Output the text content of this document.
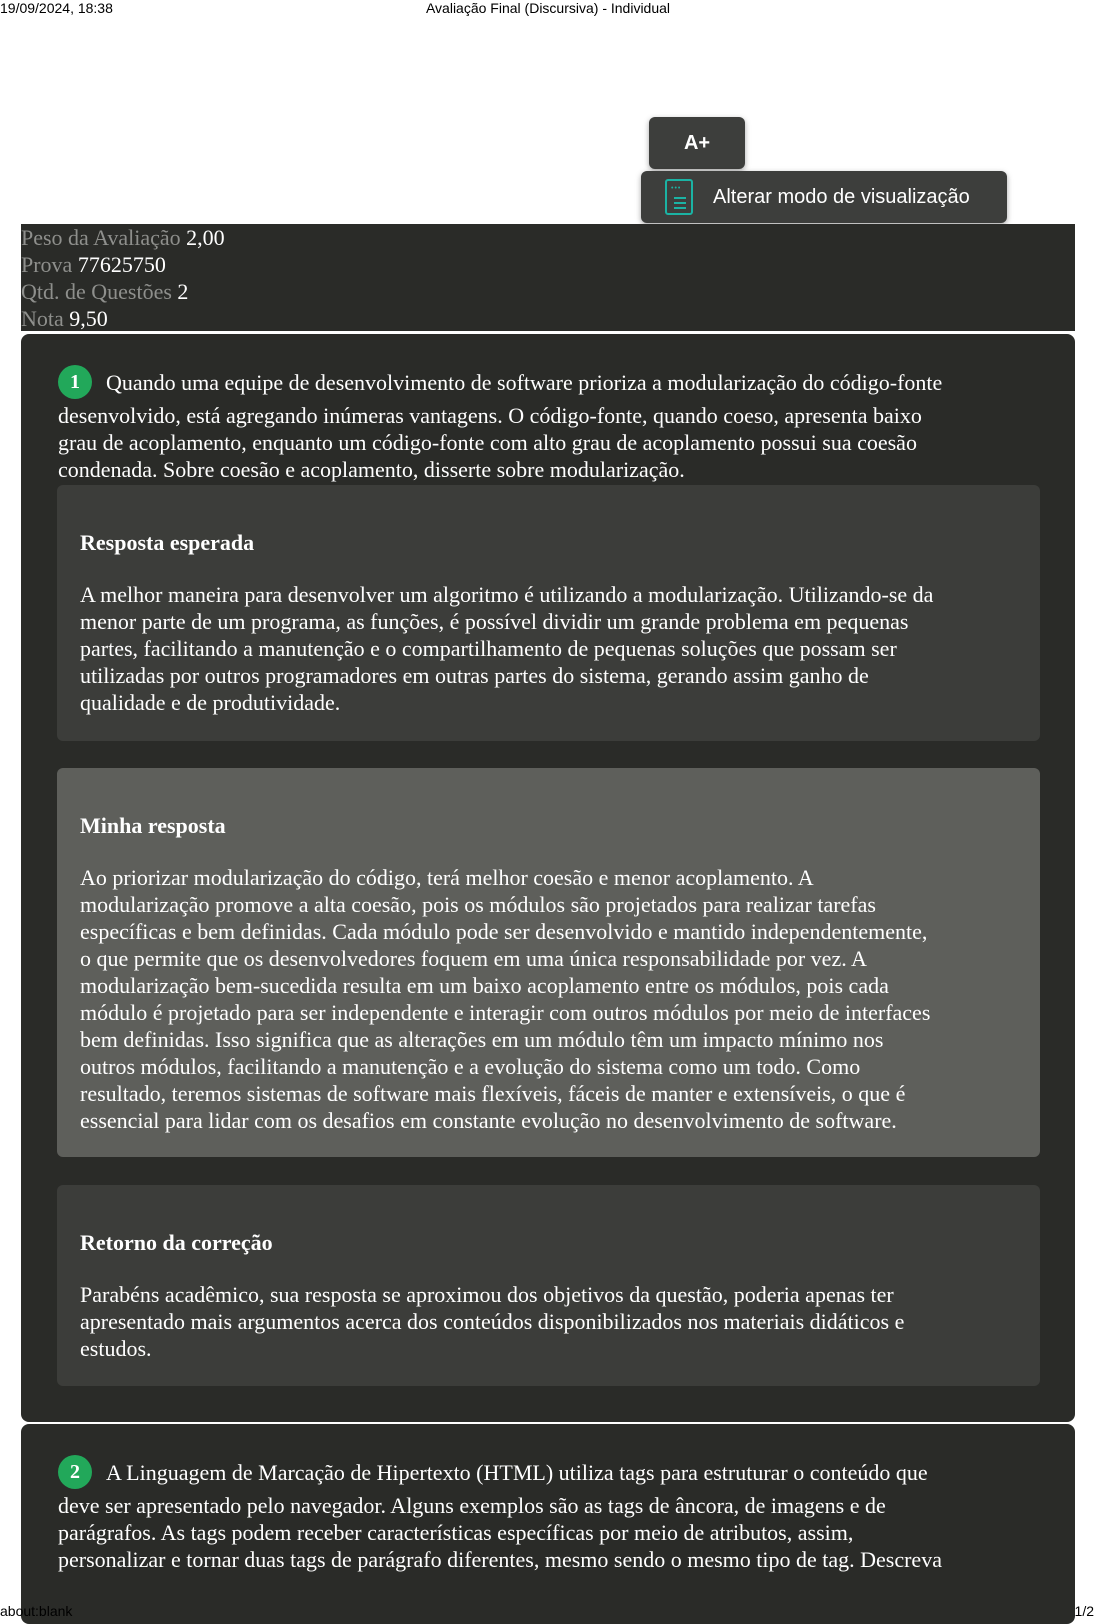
19/09/2024, 18:38	Avaliação Final (Discursiva) - Individual
A+
••• Alterar modo de visualização
Peso da Avaliação 2,00
Prova 77625750
Qtd. de Questões 2
Nota 9,50
1 Quando uma equipe de desenvolvimento de software prioriza a modularização do código-fonte
desenvolvido, está agregando inúmeras vantagens. O código-fonte, quando coeso, apresenta baixo
grau de acoplamento, enquanto um código-fonte com alto grau de acoplamento possui sua coesão
condenada. Sobre coesão e acoplamento, disserte sobre modularização.
Resposta esperada
A melhor maneira para desenvolver um algoritmo é utilizando a modularização. Utilizando-se da
menor parte de um programa, as funções, é possível dividir um grande problema em pequenas
partes, facilitando a manutenção e o compartilhamento de pequenas soluções que possam ser
utilizadas por outros programadores em outras partes do sistema, gerando assim ganho de
qualidade e de produtividade.
Minha resposta
Ao priorizar modularização do código, terá melhor coesão e menor acoplamento. A
modularização promove a alta coesão, pois os módulos são projetados para realizar tarefas
específicas e bem definidas. Cada módulo pode ser desenvolvido e mantido independentemente,
o que permite que os desenvolvedores foquem em uma única responsabilidade por vez. A
modularização bem-sucedida resulta em um baixo acoplamento entre os módulos, pois cada
módulo é projetado para ser independente e interagir com outros módulos por meio de interfaces
bem definidas. Isso significa que as alterações em um módulo têm um impacto mínimo nos
outros módulos, facilitando a manutenção e a evolução do sistema como um todo. Como
resultado, teremos sistemas de software mais flexíveis, fáceis de manter e extensíveis, o que é
essencial para lidar com os desafios em constante evolução no desenvolvimento de software.
Retorno da correção
Parabéns acadêmico, sua resposta se aproximou dos objetivos da questão, poderia apenas ter
apresentado mais argumentos acerca dos conteúdos disponibilizados nos materiais didáticos e
estudos.
2 A Linguagem de Marcação de Hipertexto (HTML) utiliza tags para estruturar o conteúdo que
deve ser apresentado pelo navegador. Alguns exemplos são as tags de âncora, de imagens e de
parágrafos. As tags podem receber características específicas por meio de atributos, assim,
personalizar e tornar duas tags de parágrafo diferentes, mesmo sendo o mesmo tipo de tag. Descreva
about:blank	1/2
